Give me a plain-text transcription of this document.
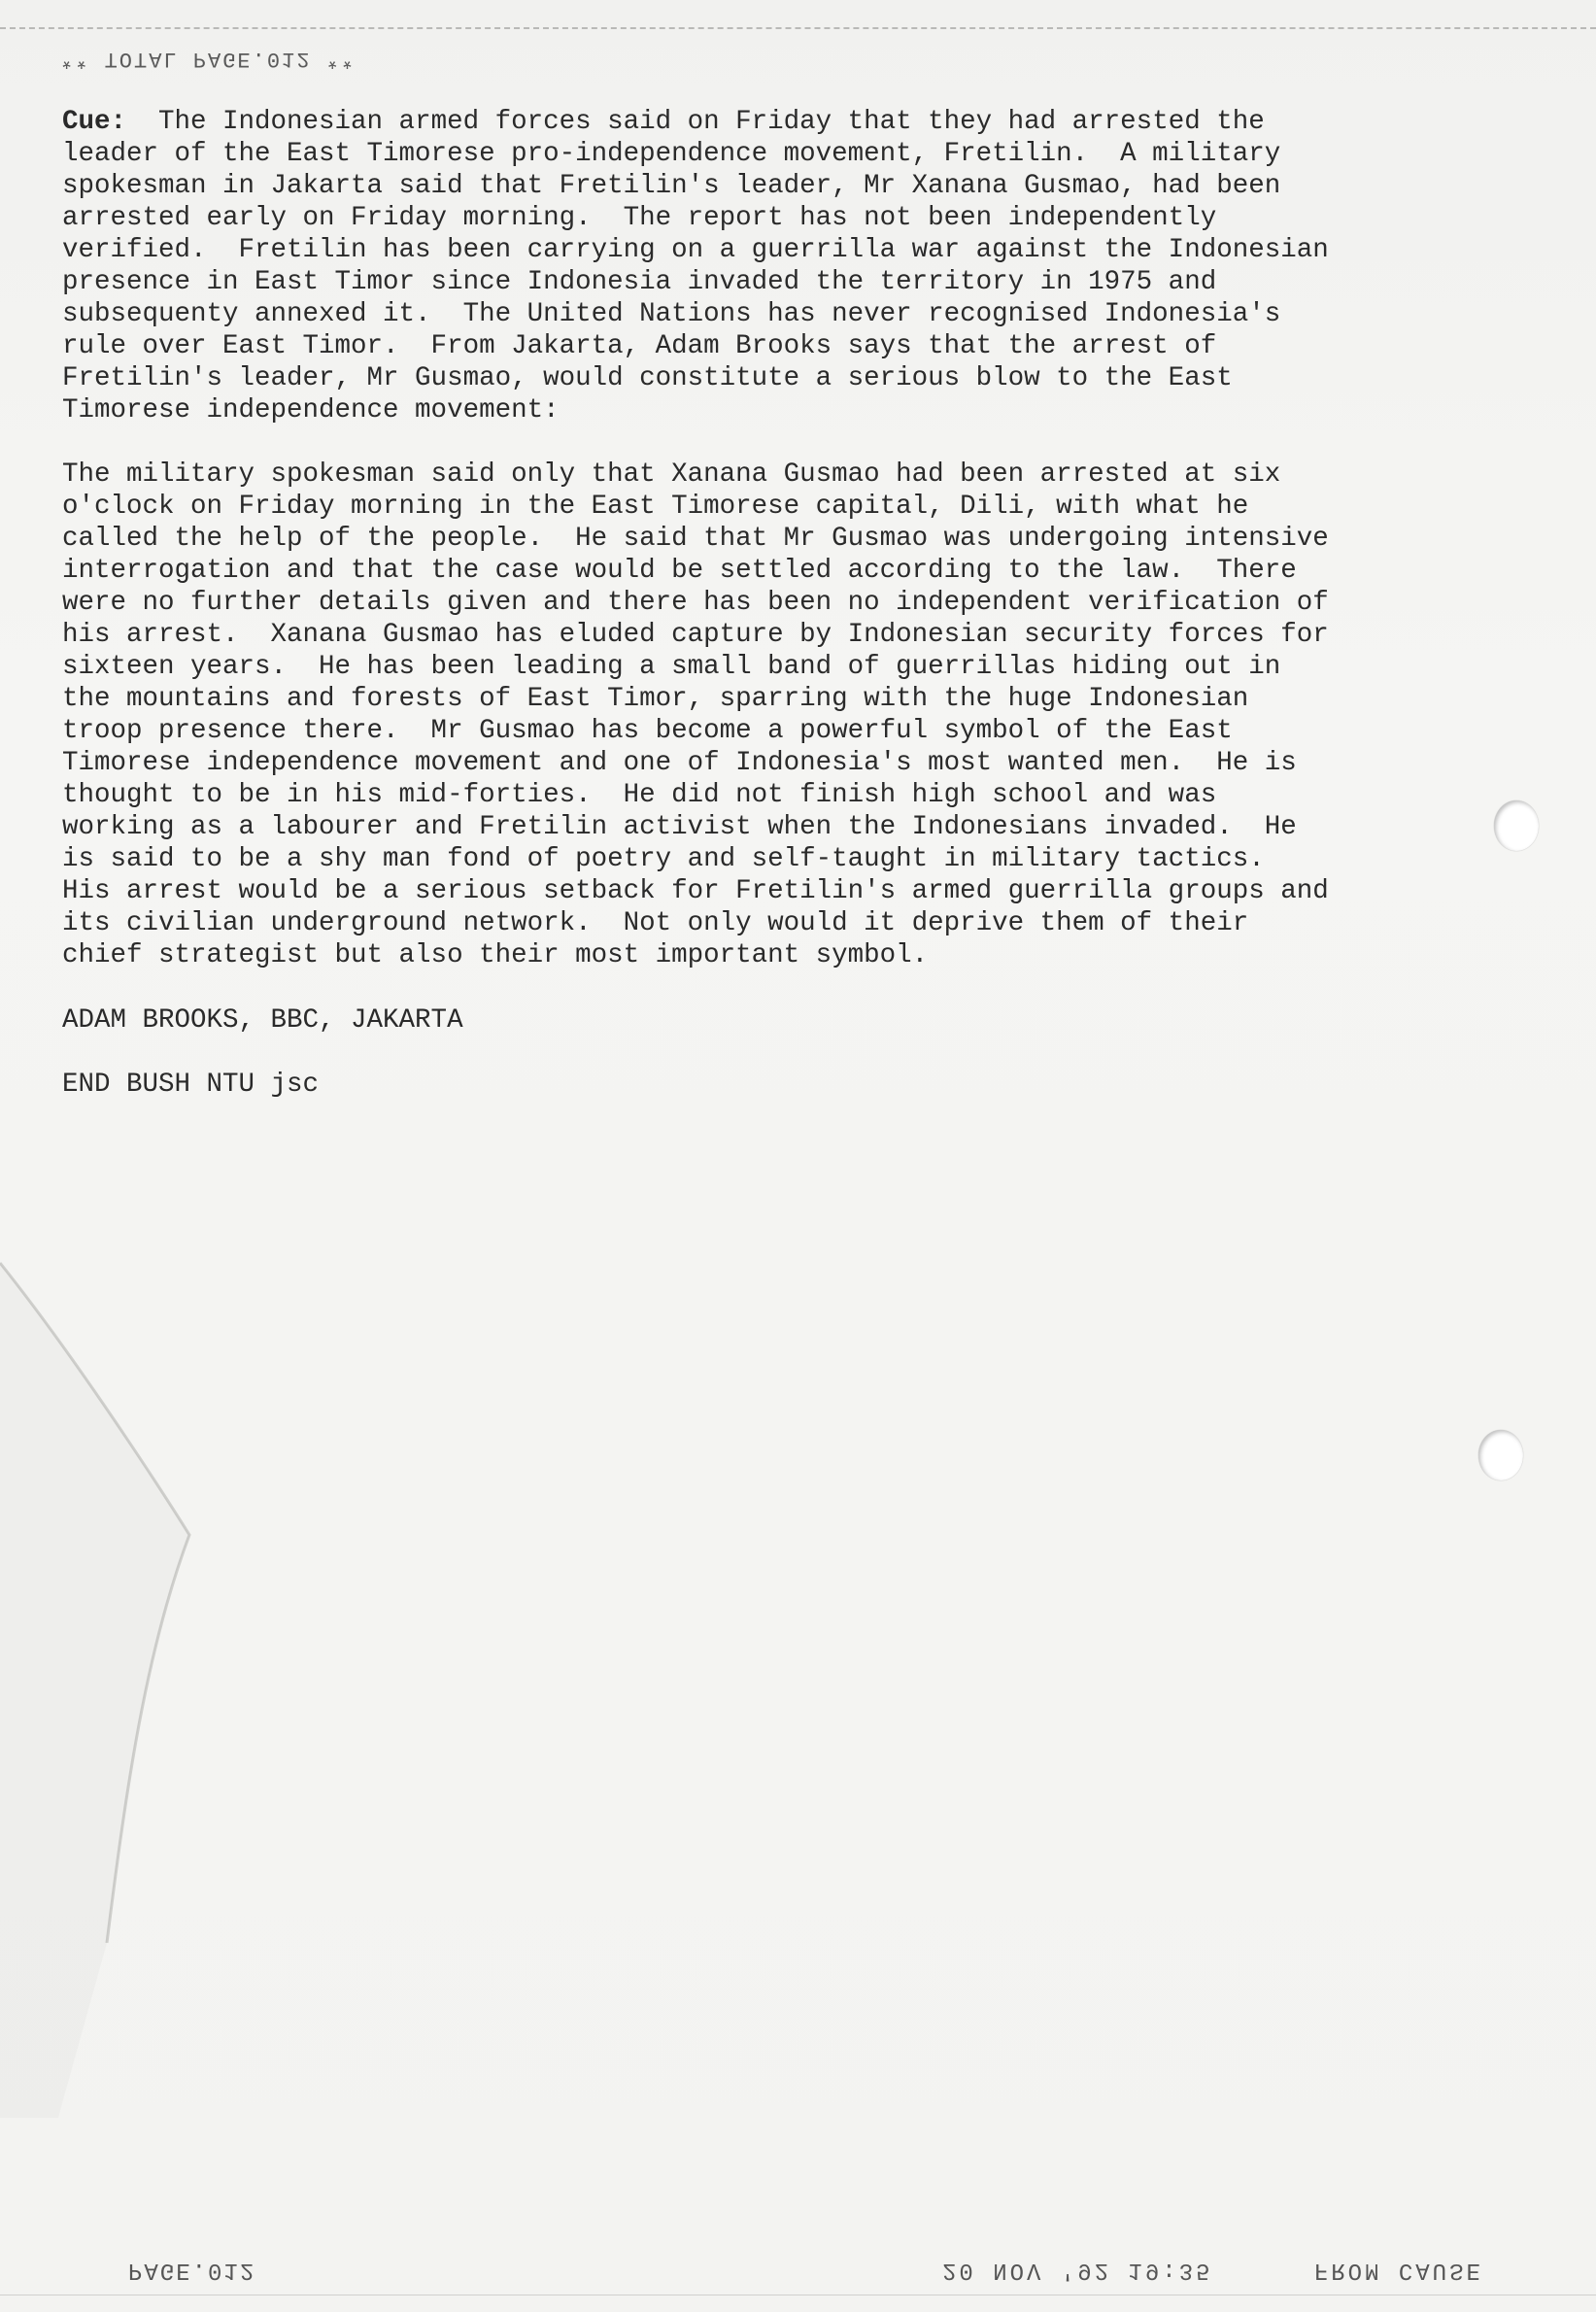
** TOTAL PAGE.012 **

Cue:  The Indonesian armed forces said on Friday that they had arrested the
leader of the East Timorese pro-independence movement, Fretilin.  A military
spokesman in Jakarta said that Fretilin's leader, Mr Xanana Gusmao, had been
arrested early on Friday morning.  The report has not been independently
verified.  Fretilin has been carrying on a guerrilla war against the Indonesian
presence in East Timor since Indonesia invaded the territory in 1975 and
subsequenty annexed it.  The United Nations has never recognised Indonesia's
rule over East Timor.  From Jakarta, Adam Brooks says that the arrest of
Fretilin's leader, Mr Gusmao, would constitute a serious blow to the East
Timorese independence movement:

The military spokesman said only that Xanana Gusmao had been arrested at six
o'clock on Friday morning in the East Timorese capital, Dili, with what he
called the help of the people.  He said that Mr Gusmao was undergoing intensive
interrogation and that the case would be settled according to the law.  There
were no further details given and there has been no independent verification of
his arrest.  Xanana Gusmao has eluded capture by Indonesian security forces for
sixteen years.  He has been leading a small band of guerrillas hiding out in
the mountains and forests of East Timor, sparring with the huge Indonesian
troop presence there.  Mr Gusmao has become a powerful symbol of the East
Timorese independence movement and one of Indonesia's most wanted men.  He is
thought to be in his mid-forties.  He did not finish high school and was
working as a labourer and Fretilin activist when the Indonesians invaded.  He
is said to be a shy man fond of poetry and self-taught in military tactics.
His arrest would be a serious setback for Fretilin's armed guerrilla groups and
its civilian underground network.  Not only would it deprive them of their
chief strategist but also their most important symbol.

ADAM BROOKS, BBC, JAKARTA

END BUSH NTU jsc

PAGE.012	20 NOV '92 19:35      FROM CAUSE
